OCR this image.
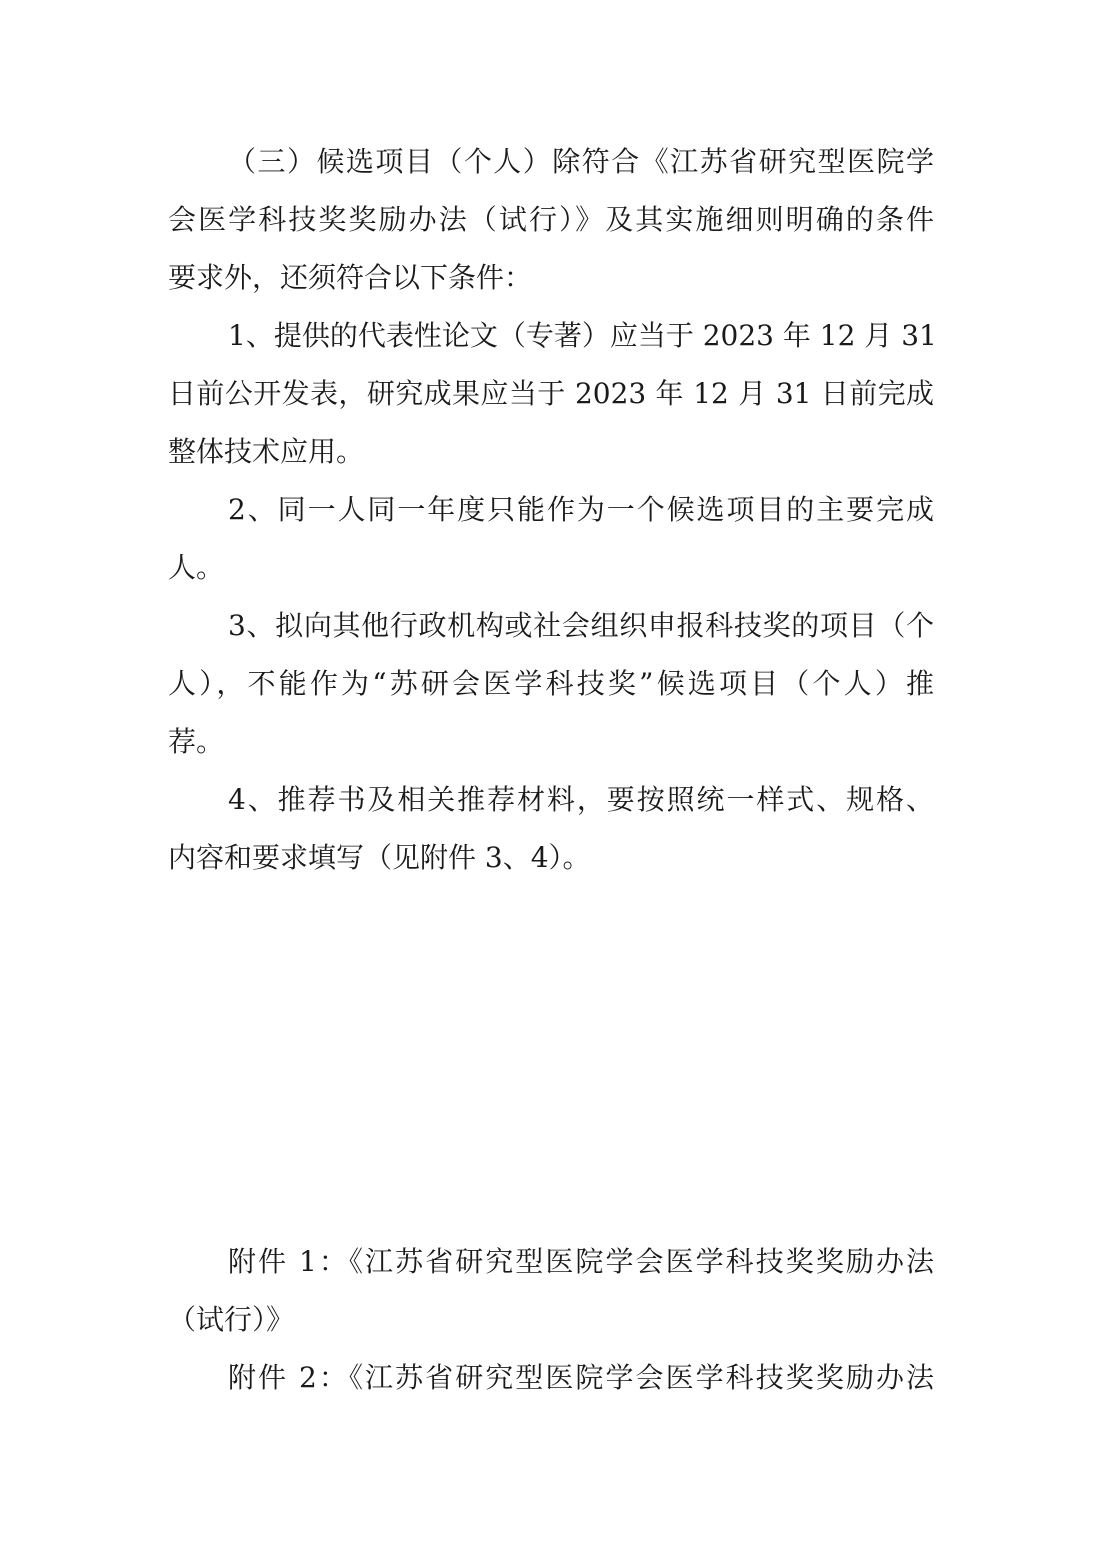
（三）候选项目（个人）除符合《江苏省研究型医院学
会医学科技奖奖励办法（试行）》及其实施细则明确的条件
要求外，还须符合以下条件：
1、提供的代表性论文（专著）应当于 2023 年 12 月 31
日前公开发表，研究成果应当于 2023 年 12 月 31 日前完成
整体技术应用。
2、同一人同一年度只能作为一个候选项目的主要完成
人。
3、拟向其他行政机构或社会组织申报科技奖的项目（个
人），不能作为“苏研会医学科技奖”候选项目（个人）推
荐。
4、推荐书及相关推荐材料，要按照统一样式、规格、
内容和要求填写（见附件 3、4）。
附件 1：《江苏省研究型医院学会医学科技奖奖励办法
（试行）》
附件 2：《江苏省研究型医院学会医学科技奖奖励办法
